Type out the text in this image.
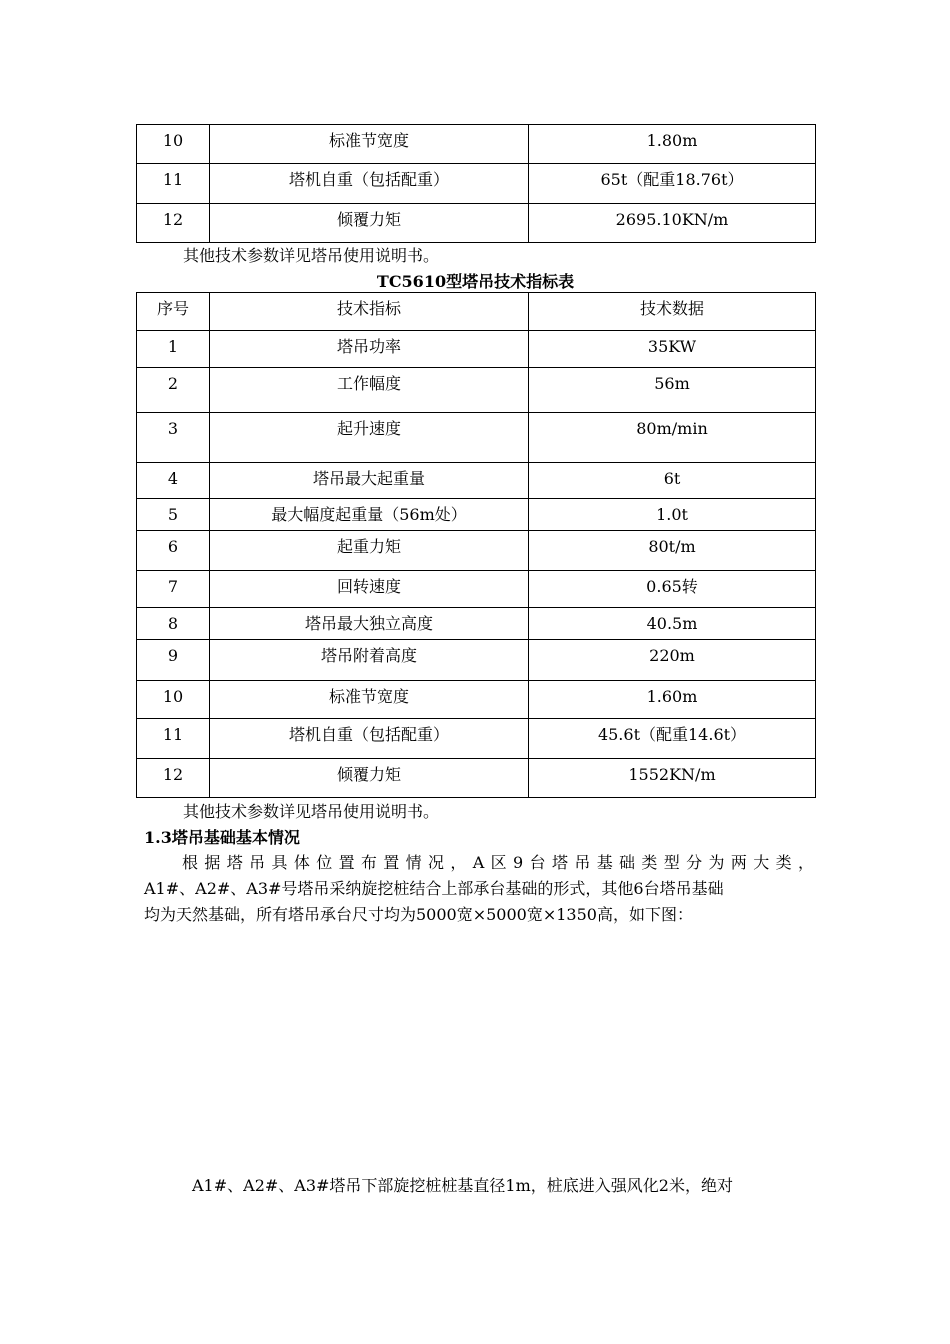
10	标准节宽度	1.80m
11	塔机自重（包括配重）	65t（配重18.76t）
12	倾覆力矩	2695.10KN/m
其他技术参数详见塔吊使用说明书。
TC5610型塔吊技术指标表
序号	技术指标	技术数据
1	塔吊功率	35KW
2	工作幅度	56m
3	起升速度	80m/min
4	塔吊最大起重量	6t
5	最大幅度起重量（56m处）	1.0t
6	起重力矩	80t/m
7	回转速度	0.65转
8	塔吊最大独立高度	40.5m
9	塔吊附着高度	220m
10	标准节宽度	1.60m
11	塔机自重（包括配重）	45.6t（配重14.6t）
12	倾覆力矩	1552KN/m
其他技术参数详见塔吊使用说明书。
1.3塔吊基础基本情况
根据塔吊具体位置布置情况，A区9台塔吊基础类型分为两大类，
A1#、A2#、A3#号塔吊采纳旋挖桩结合上部承台基础的形式，其他6台塔吊基础
均为天然基础，所有塔吊承台尺寸均为5000宽×5000宽×1350高，如下图：
A1#、A2#、A3#塔吊下部旋挖桩桩基直径1m，桩底进入强风化2米，绝对
